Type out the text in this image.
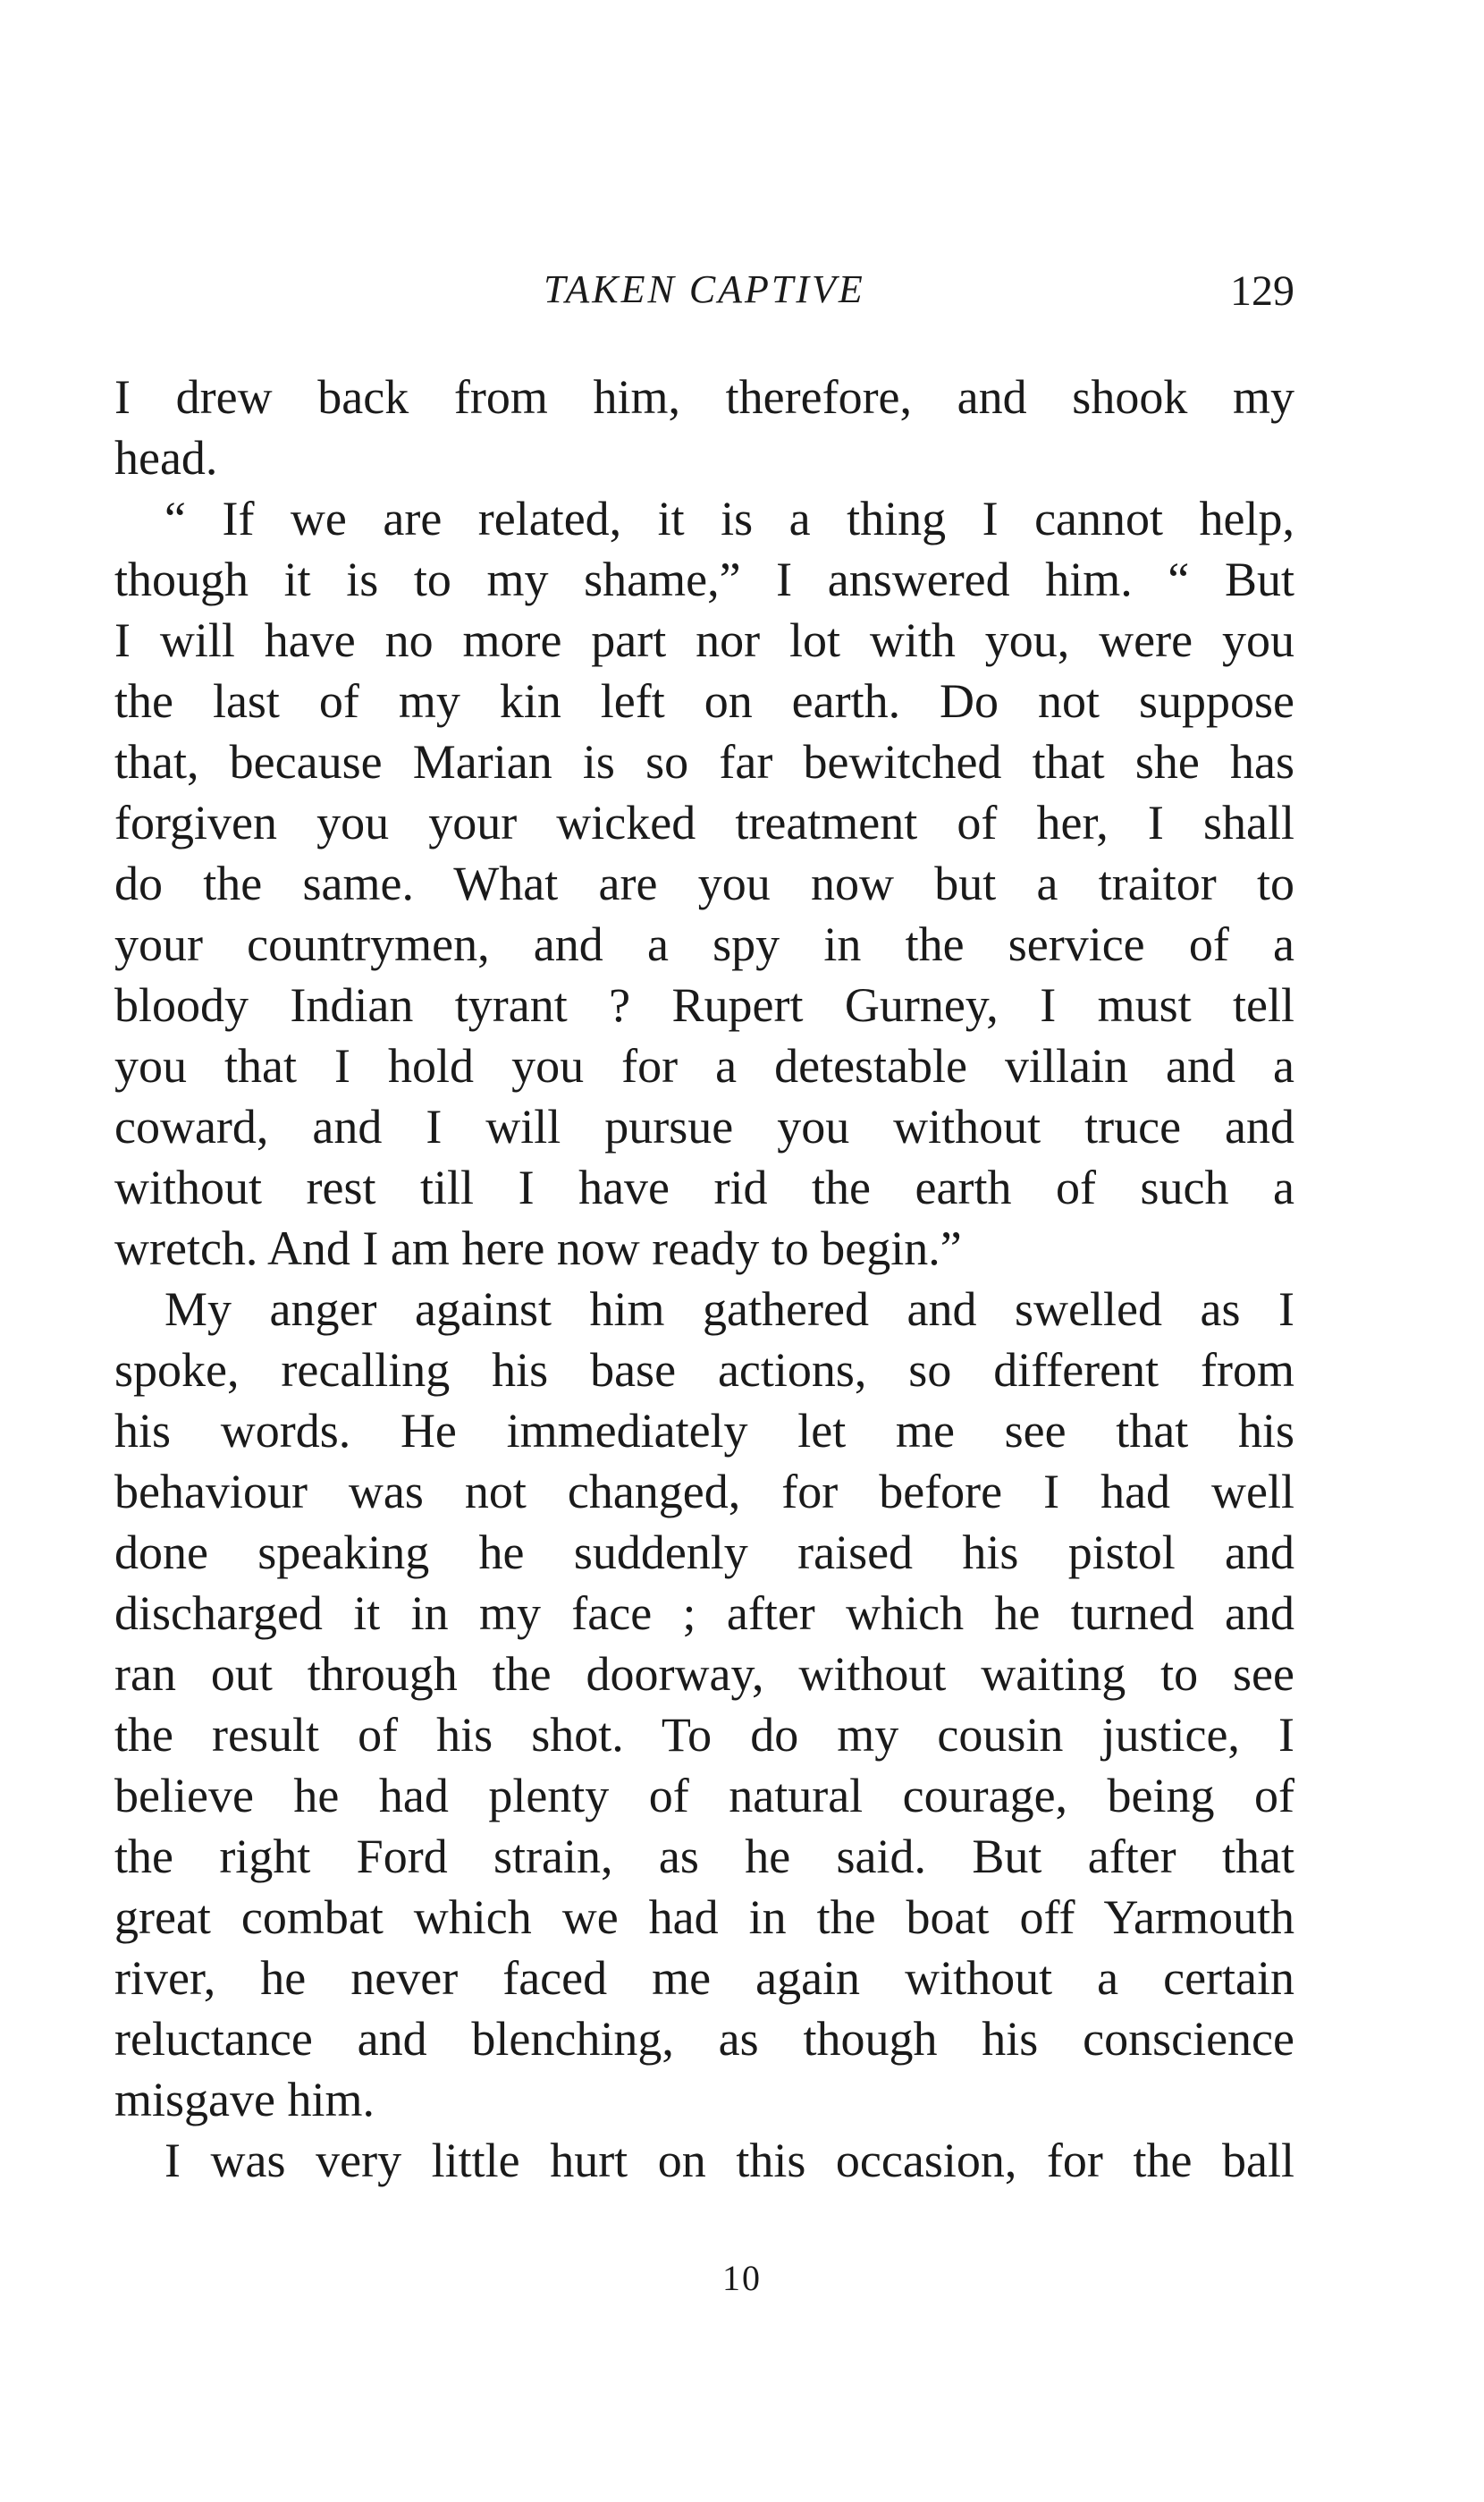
TAKEN CAPTIVE	129
I drew back from him, therefore, and shook my
head.
“ If we are related, it is a thing I cannot help,
though it is to my shame,” I answered him. “ But
I will have no more part nor lot with you, were you
the last of my kin left on earth. Do not suppose
that, because Marian is so far bewitched that she has
forgiven you your wicked treatment of her, I shall
do the same. What are you now but a traitor to
your countrymen, and a spy in the service of a
bloody Indian tyrant ? Rupert Gurney, I must tell
you that I hold you for a detestable villain and a
coward, and I will pursue you without truce and
without rest till I have rid the earth of such a
wretch. And I am here now ready to begin.”
My anger against him gathered and swelled as I
spoke, recalling his base actions, so different from
his words. He immediately let me see that his
behaviour was not changed, for before I had well
done speaking he suddenly raised his pistol and
discharged it in my face ; after which he turned and
ran out through the doorway, without waiting to see
the result of his shot. To do my cousin justice, I
believe he had plenty of natural courage, being of
the right Ford strain, as he said. But after that
great combat which we had in the boat off Yarmouth
river, he never faced me again without a certain
reluctance and blenching, as though his conscience
misgave him.
I was very little hurt on this occasion, for the ball
10
